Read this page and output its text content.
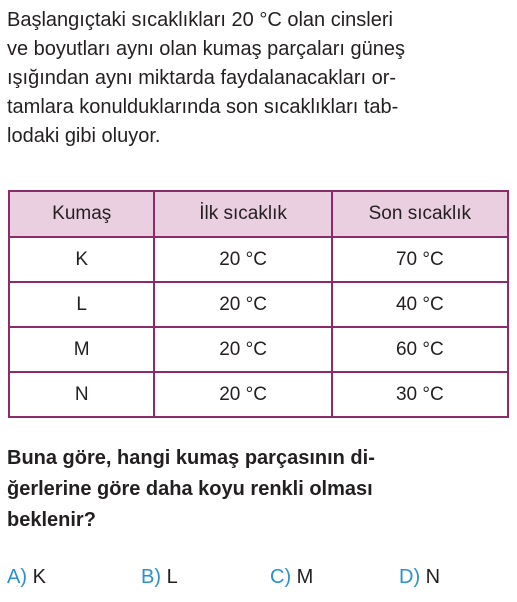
Başlangıçtaki sıcaklıkları 20 °C olan cinsleri
ve boyutları aynı olan kumaş parçaları güneş
ışığından aynı miktarda faydalanacakları or-
tamlara konulduklarında son sıcaklıkları tab-
lodaki gibi oluyor.
Kumaş	İlk sıcaklık	Son sıcaklık
K	20 °C	70 °C
L	20 °C	40 °C
M	20 °C	60 °C
N	20 °C	30 °C
Buna göre, hangi kumaş parçasının di-
ğerlerine göre daha koyu renkli olması
beklenir?
A) K	B) L	C) M	D) N
